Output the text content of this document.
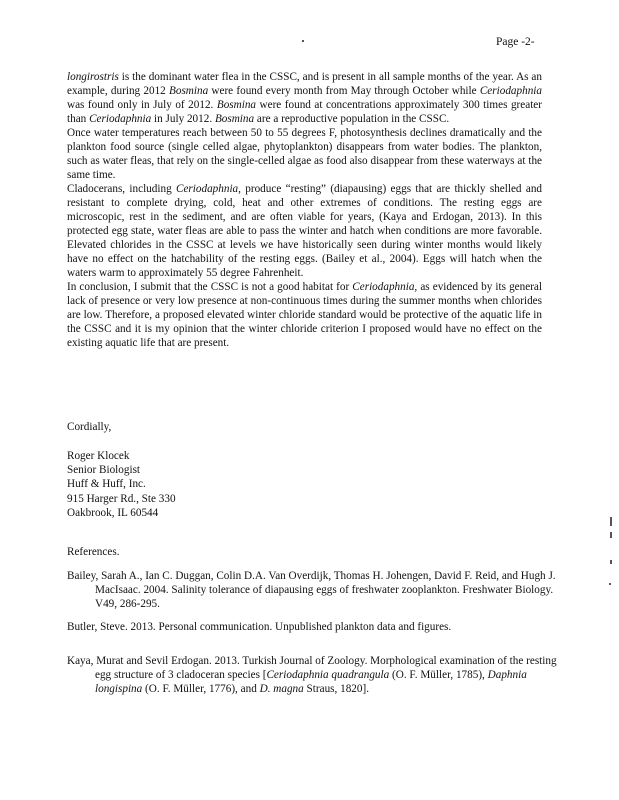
Page -2-

longirostris is the dominant water flea in the CSSC, and is present in all sample months of the year. As an example, during 2012 Bosmina were found every month from May through October while Ceriodaphnia was found only in July of 2012. Bosmina were found at concentrations approximately 300 times greater than Ceriodaphnia in July 2012. Bosmina are a reproductive population in the CSSC.

Once water temperatures reach between 50 to 55 degrees F, photosynthesis declines dramatically and the plankton food source (single celled algae, phytoplankton) disappears from water bodies. The plankton, such as water fleas, that rely on the single-celled algae as food also disappear from these waterways at the same time.

Cladocerans, including Ceriodaphnia, produce “resting” (diapausing) eggs that are thickly shelled and resistant to complete drying, cold, heat and other extremes of conditions. The resting eggs are microscopic, rest in the sediment, and are often viable for years, (Kaya and Erdogan, 2013). In this protected egg state, water fleas are able to pass the winter and hatch when conditions are more favorable. Elevated chlorides in the CSSC at levels we have historically seen during winter months would likely have no effect on the hatchability of the resting eggs. (Bailey et al., 2004). Eggs will hatch when the waters warm to approximately 55 degree Fahrenheit.

In conclusion, I submit that the CSSC is not a good habitat for Ceriodaphnia, as evidenced by its general lack of presence or very low presence at non-continuous times during the summer months when chlorides are low. Therefore, a proposed elevated winter chloride standard would be protective of the aquatic life in the CSSC and it is my opinion that the winter chloride criterion I proposed would have no effect on the existing aquatic life that are present.

Cordially,
Roger Klocek
Senior Biologist
Huff & Huff, Inc.
915 Harger Rd., Ste 330
Oakbrook, IL 60544
References.
Bailey, Sarah A., Ian C. Duggan, Colin D.A. Van Overdijk, Thomas H. Johengen, David F. Reid, and Hugh J. MacIsaac. 2004. Salinity tolerance of diapausing eggs of freshwater zooplankton. Freshwater Biology. V49, 286-295.
Butler, Steve. 2013. Personal communication. Unpublished plankton data and figures.
Kaya, Murat and Sevil Erdogan. 2013. Turkish Journal of Zoology. Morphological examination of the resting egg structure of 3 cladoceran species [Ceriodaphnia quadrangula (O. F. Müller, 1785), Daphnia longispina (O. F. Müller, 1776), and D. magna Straus, 1820].
